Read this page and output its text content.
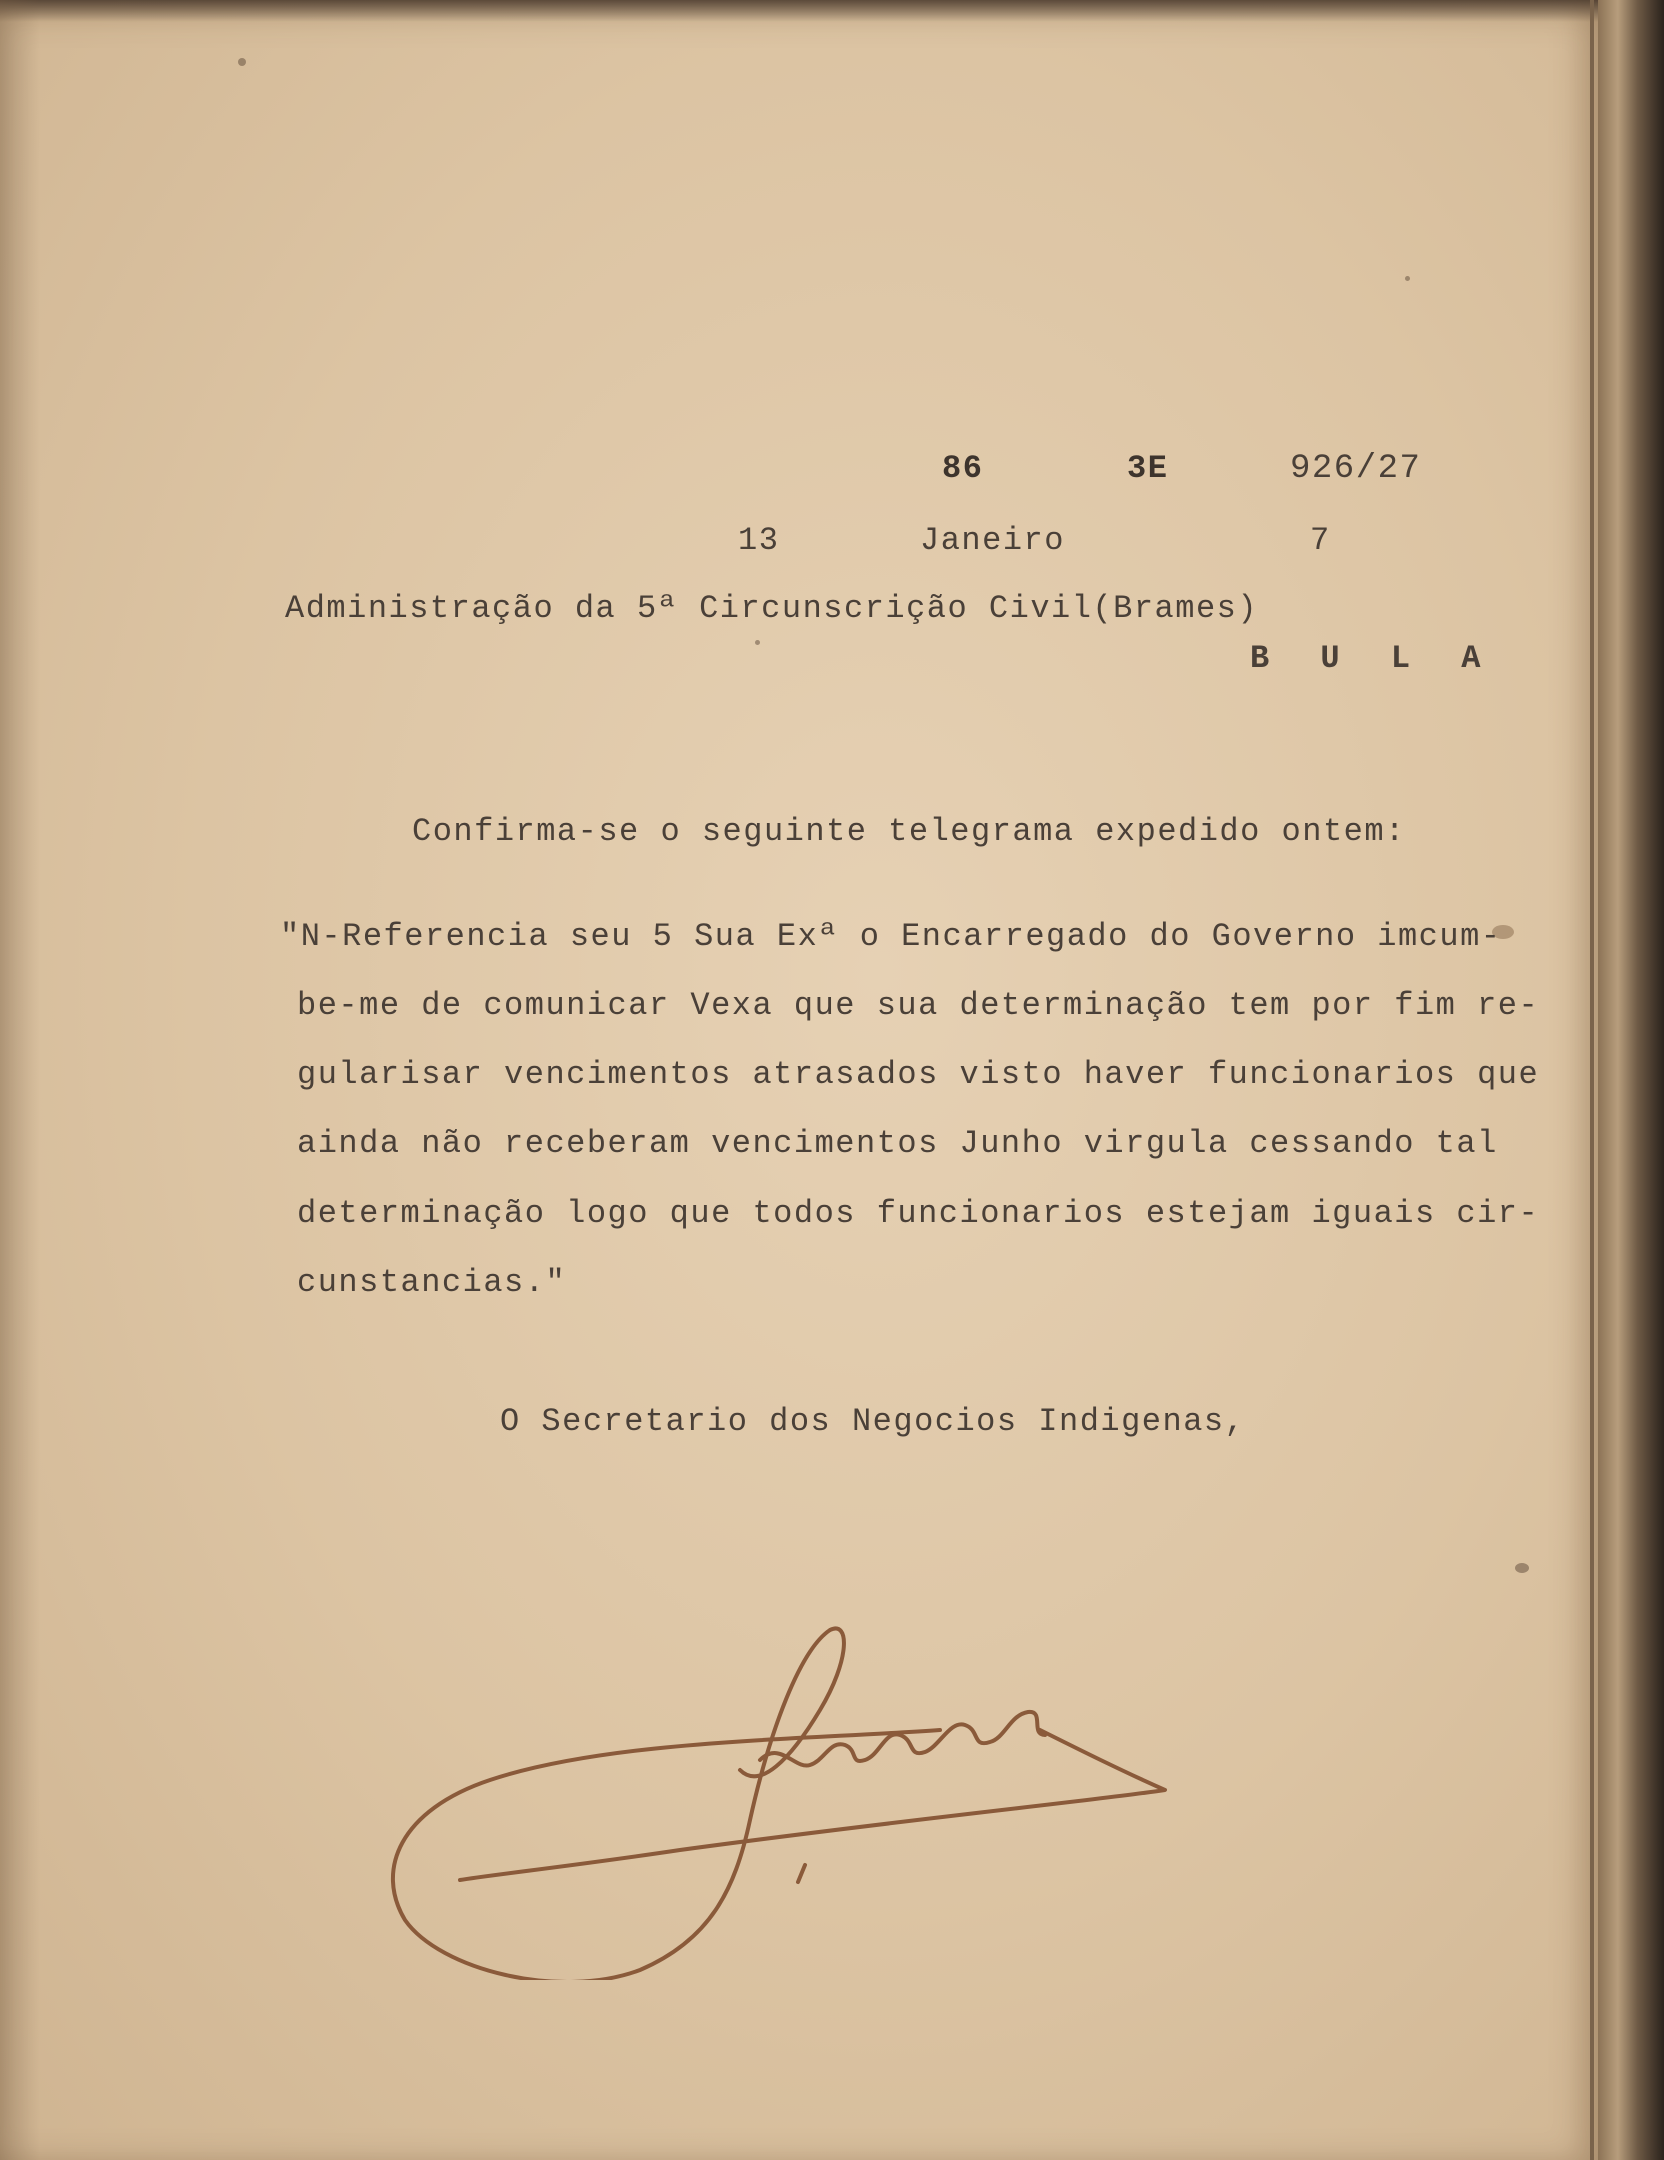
86	3E	926/27
13	Janeiro	7
Administração da 5ª Circunscrição Civil(Brames)
B U L A
Confirma-se o seguinte telegrama expedido ontem:
"N-Referencia seu 5 Sua Exª o Encarregado do Governo imcum-
be-me de comunicar Vexa que sua determinação tem por fim re-
gularisar vencimentos atrasados visto haver funcionarios que
ainda não receberam vencimentos Junho virgula cessando tal
determinação logo que todos funcionarios estejam iguais cir-
cunstancias."
O Secretario dos Negocios Indigenas,
